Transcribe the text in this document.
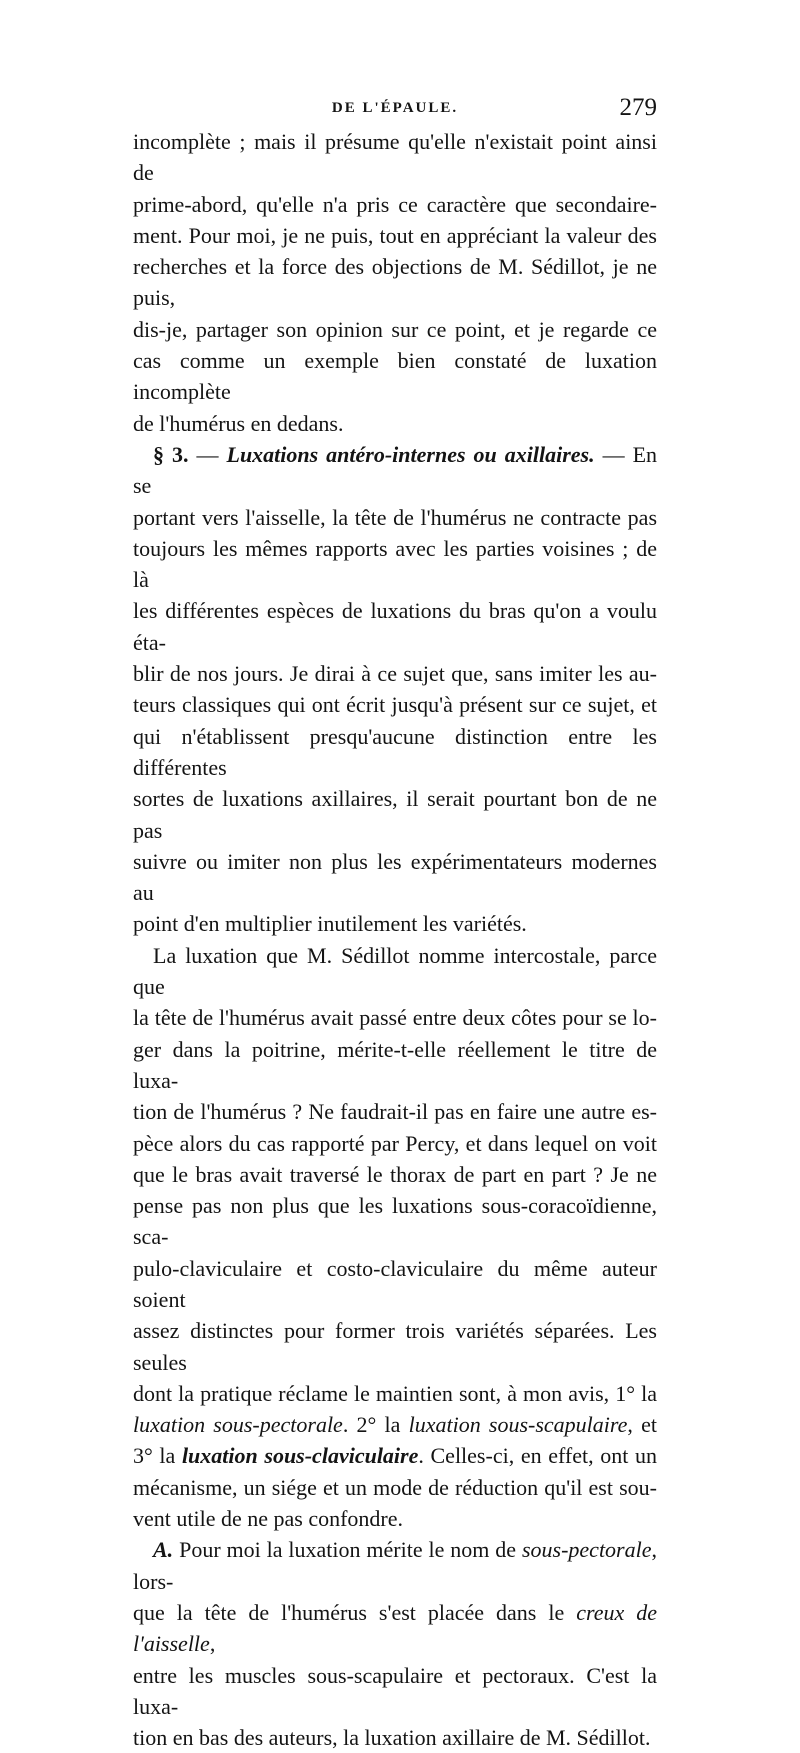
DE L'ÉPAULE.	279

incomplète ; mais il présume qu'elle n'existait point ainsi de

prime-abord, qu'elle n'a pris ce caractère que secondaire-

ment. Pour moi, je ne puis, tout en appréciant la valeur des

recherches et la force des objections de M. Sédillot, je ne puis,

dis-je, partager son opinion sur ce point, et je regarde ce

cas comme un exemple bien constaté de luxation incomplète

de l'humérus en dedans.

§ 3. — Luxations antéro-internes ou axillaires. — En se

portant vers l'aisselle, la tête de l'humérus ne contracte pas

toujours les mêmes rapports avec les parties voisines ; de là

les différentes espèces de luxations du bras qu'on a voulu éta-

blir de nos jours. Je dirai à ce sujet que, sans imiter les au-

teurs classiques qui ont écrit jusqu'à présent sur ce sujet, et

qui n'établissent presqu'aucune distinction entre les différentes

sortes de luxations axillaires, il serait pourtant bon de ne pas

suivre ou imiter non plus les expérimentateurs modernes au

point d'en multiplier inutilement les variétés.

La luxation que M. Sédillot nomme intercostale, parce que

la tête de l'humérus avait passé entre deux côtes pour se lo-

ger dans la poitrine, mérite-t-elle réellement le titre de luxa-

tion de l'humérus ? Ne faudrait-il pas en faire une autre es-

pèce alors du cas rapporté par Percy, et dans lequel on voit

que le bras avait traversé le thorax de part en part ? Je ne

pense pas non plus que les luxations sous-coracoïdienne, sca-

pulo-claviculaire et costo-claviculaire du même auteur soient

assez distinctes pour former trois variétés séparées. Les seules

dont la pratique réclame le maintien sont, à mon avis, 1° la

luxation sous-pectorale. 2° la luxation sous-scapulaire, et

3° la luxation sous-claviculaire. Celles-ci, en effet, ont un

mécanisme, un siége et un mode de réduction qu'il est sou-

vent utile de ne pas confondre.

A. Pour moi la luxation mérite le nom de sous-pectorale, lors-

que la tête de l'humérus s'est placée dans le creux de l'aisselle,

entre les muscles sous-scapulaire et pectoraux. C'est la luxa-

tion en bas des auteurs, la luxation axillaire de M. Sédillot.
